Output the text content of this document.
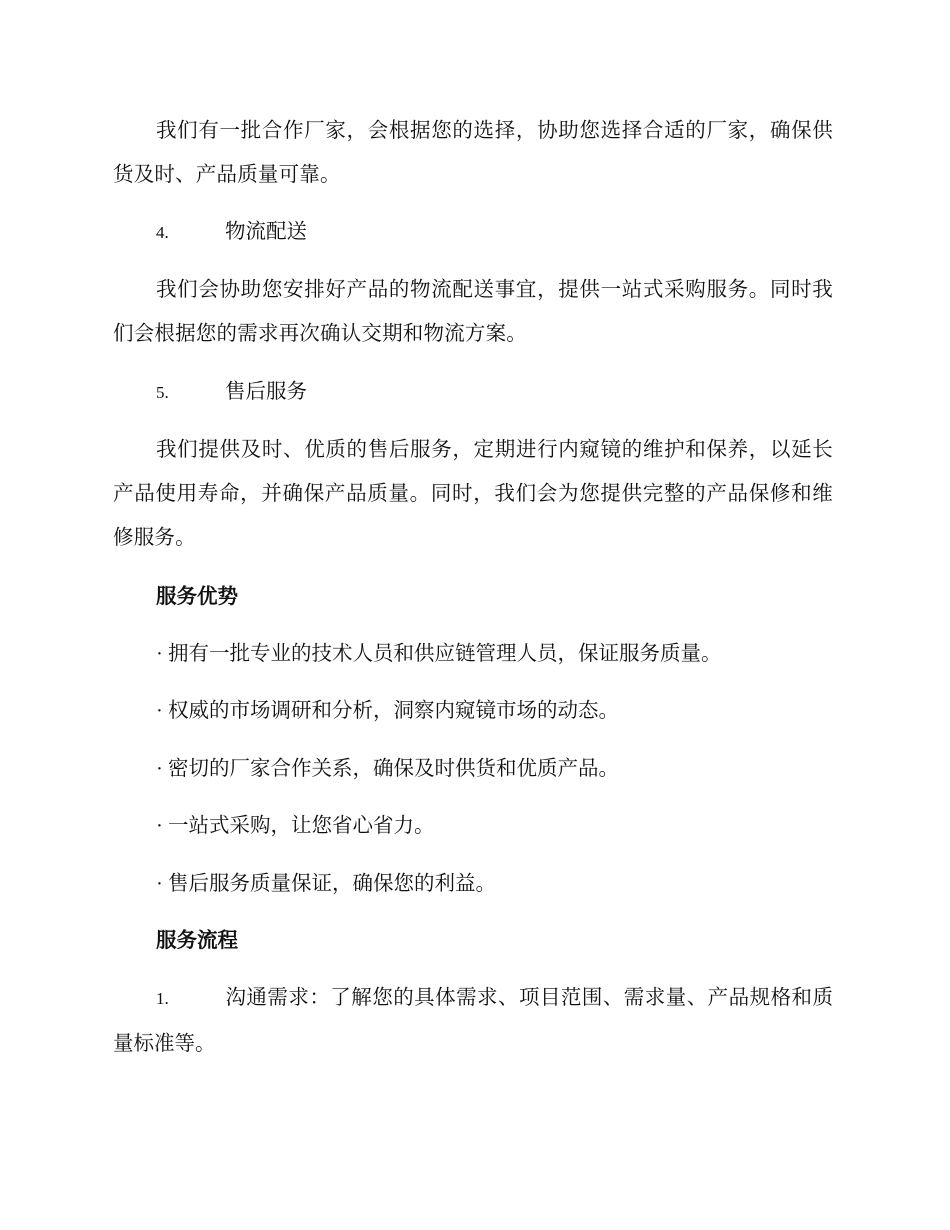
我们有一批合作厂家，会根据您的选择，协助您选择合适的厂家，确保供货及时、产品质量可靠。

4.	物流配送

我们会协助您安排好产品的物流配送事宜，提供一站式采购服务。同时我们会根据您的需求再次确认交期和物流方案。

5.	售后服务

我们提供及时、优质的售后服务，定期进行内窥镜的维护和保养，以延长产品使用寿命，并确保产品质量。同时，我们会为您提供完整的产品保修和维修服务。

服务优势

· 拥有一批专业的技术人员和供应链管理人员，保证服务质量。

· 权威的市场调研和分析，洞察内窥镜市场的动态。

· 密切的厂家合作关系，确保及时供货和优质产品。

· 一站式采购，让您省心省力。

· 售后服务质量保证，确保您的利益。

服务流程

1.	沟通需求：了解您的具体需求、项目范围、需求量、产品规格和质量标准等。
